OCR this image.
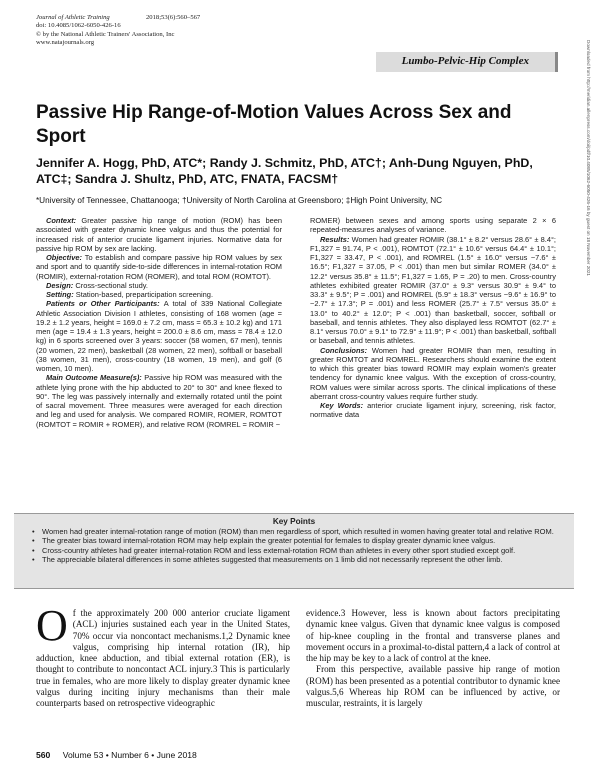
Journal of Athletic Training	2018;53(6):560–567
doi: 10.4085/1062-6050-426-16
© by the National Athletic Trainers' Association, Inc
www.natajournals.org
Lumbo-Pelvic-Hip Complex
Passive Hip Range-of-Motion Values Across Sex and Sport
Jennifer A. Hogg, PhD, ATC*; Randy J. Schmitz, PhD, ATC†; Anh-Dung Nguyen, PhD, ATC‡; Sandra J. Shultz, PhD, ATC, FNATA, FACSM†
*University of Tennessee, Chattanooga; †University of North Carolina at Greensboro; ‡High Point University, NC

Context: Greater passive hip range of motion (ROM) has been associated with greater dynamic knee valgus and thus the potential for increased risk of anterior cruciate ligament injuries. Normative data for passive hip ROM by sex are lacking.

Objective: To establish and compare passive hip ROM values by sex and sport and to quantify side-to-side differences in internal-rotation ROM (ROMIR), external-rotation ROM (ROMER), and total ROM (ROMTOT).

Design: Cross-sectional study.

Setting: Station-based, preparticipation screening.

Patients or Other Participants: A total of 339 National Collegiate Athletic Association Division I athletes, consisting of 168 women (age = 19.2 ± 1.2 years, height = 169.0 ± 7.2 cm, mass = 65.3 ± 10.2 kg) and 171 men (age = 19.4 ± 1.3 years, height = 200.0 ± 8.6 cm, mass = 78.4 ± 12.0 kg) in 6 sports screened over 3 years: soccer (58 women, 67 men), tennis (20 women, 22 men), basketball (28 women, 22 men), softball or baseball (38 women, 31 men), cross-country (18 women, 19 men), and golf (6 women, 10 men).

Main Outcome Measure(s): Passive hip ROM was measured with the athlete lying prone with the hip abducted to 20° to 30° and knee flexed to 90°. The leg was passively internally and externally rotated until the point of sacral movement. Three measures were averaged for each direction and leg and used for analysis. We compared ROMIR, ROMER, ROMTOT (ROMTOT = ROMIR + ROMER), and relative ROM (ROMREL = ROMIR −

ROMER) between sexes and among sports using separate 2 × 6 repeated-measures analyses of variance.

Results: Women had greater ROMIR (38.1° ± 8.2° versus 28.6° ± 8.4°; F1,327 = 91.74, P < .001), ROMTOT (72.1° ± 10.6° versus 64.4° ± 10.1°; F1,327 = 33.47, P < .001), and ROMREL (1.5° ± 16.0° versus −7.6° ± 16.5°; F1,327 = 37.05, P < .001) than men but similar ROMER (34.0° ± 12.2° versus 35.8° ± 11.5°; F1,327 = 1.65, P = .20) to men. Cross-country athletes exhibited greater ROMIR (37.0° ± 9.3° versus 30.9° ± 9.4° to 33.3° ± 9.5°; P = .001) and ROMREL (5.9° ± 18.3° versus −9.6° ± 16.9° to −2.7° ± 17.3°; P = .001) and less ROMER (25.7° ± 7.5° versus 35.0° ± 13.0° to 40.2° ± 12.0°; P < .001) than basketball, soccer, softball or baseball, and tennis athletes. They also displayed less ROMTOT (62.7° ± 8.1° versus 70.0° ± 9.1° to 72.9° ± 11.9°; P < .001) than basketball, softball or baseball, and tennis athletes.

Conclusions: Women had greater ROMIR than men, resulting in greater ROMTOT and ROMREL. Researchers should examine the extent to which this greater bias toward ROMIR may explain women's greater tendency for dynamic knee valgus. With the exception of cross-country, ROM values were similar across sports. The clinical implications of these aberrant cross-country values require further study.

Key Words: anterior cruciate ligament injury, screening, risk factor, normative data

Key Points
• Women had greater internal-rotation range of motion (ROM) than men regardless of sport, which resulted in women having greater total and relative ROM.
• The greater bias toward internal-rotation ROM may help explain the greater potential for females to display greater dynamic knee valgus.
• Cross-country athletes had greater internal-rotation ROM and less external-rotation ROM than athletes in every other sport studied except golf.
• The appreciable bilateral differences in some athletes suggested that measurements on 1 limb did not necessarily represent the other limb.

O f the approximately 200 000 anterior cruciate ligament (ACL) injuries sustained each year in the United States, 70% occur via noncontact mechanisms.1,2 Dynamic knee valgus, comprising hip internal rotation (IR), hip adduction, knee abduction, and tibial external rotation (ER), is thought to contribute to noncontact ACL injury.3 This is particularly true in females, who are more likely to display greater dynamic knee valgus during inciting injury mechanisms than their male counterparts based on retrospective videographic

evidence.3 However, less is known about factors precipitating dynamic knee valgus. Given that dynamic knee valgus is composed of hip-knee coupling in the frontal and transverse planes and movement occurs in a proximal-to-distal pattern,4 a lack of control at the hip may be key to a lack of control at the knee.

From this perspective, available passive hip range of motion (ROM) has been presented as a potential contributor to dynamic knee valgus.5,6 Whereas hip ROM can be influenced by active, or muscular, restraints, it is largely

560 Volume 53 • Number 6 • June 2018
Downloaded from http://meridian.allenpress.com/doi/pdf/10.4085/1062-6050-426-16 by guest on 18 November 2021
